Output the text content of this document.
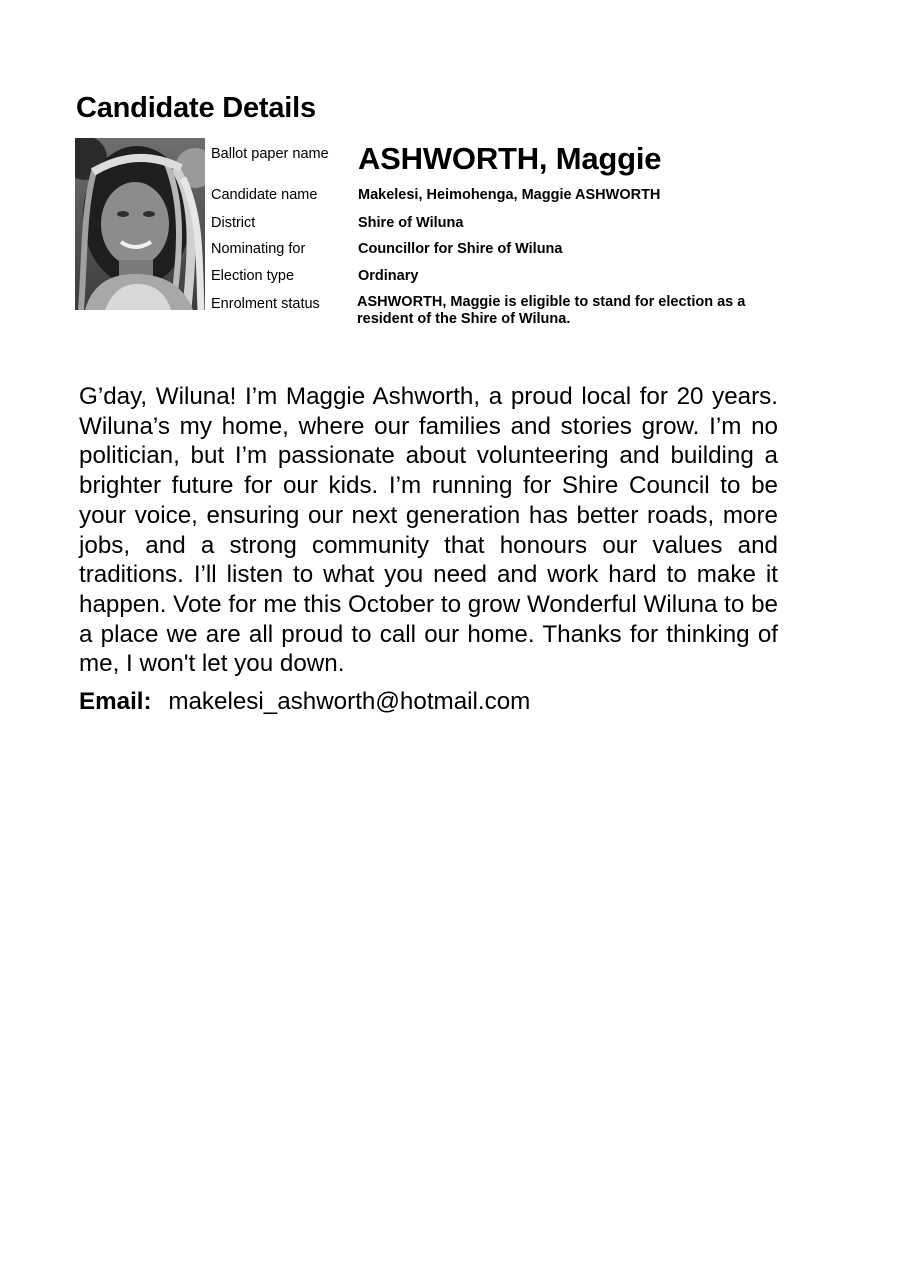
Candidate Details
Ballot paper name ASHWORTH, Maggie
Candidate name	Makelesi, Heimohenga, Maggie ASHWORTH
District	Shire of Wiluna
Nominating for	Councillor for Shire of Wiluna
Election type	Ordinary
Enrolment status	ASHWORTH, Maggie is eligible to stand for election as a resident of the Shire of Wiluna.

G’day, Wiluna! I’m Maggie Ashworth, a proud local for 20 years. Wiluna’s my home, where our families and stories grow. I’m no politician, but I’m passionate about volunteering and building a brighter future for our kids. I’m running for Shire Council to be your voice, ensuring our next generation has better roads, more jobs, and a strong community that honours our values and traditions. I’ll listen to what you need and work hard to make it happen. Vote for me this October to grow Wonderful Wiluna to be a place we are all proud to call our home. Thanks for thinking of me, I won't let you down.

Email: makelesi_ashworth@hotmail.com
